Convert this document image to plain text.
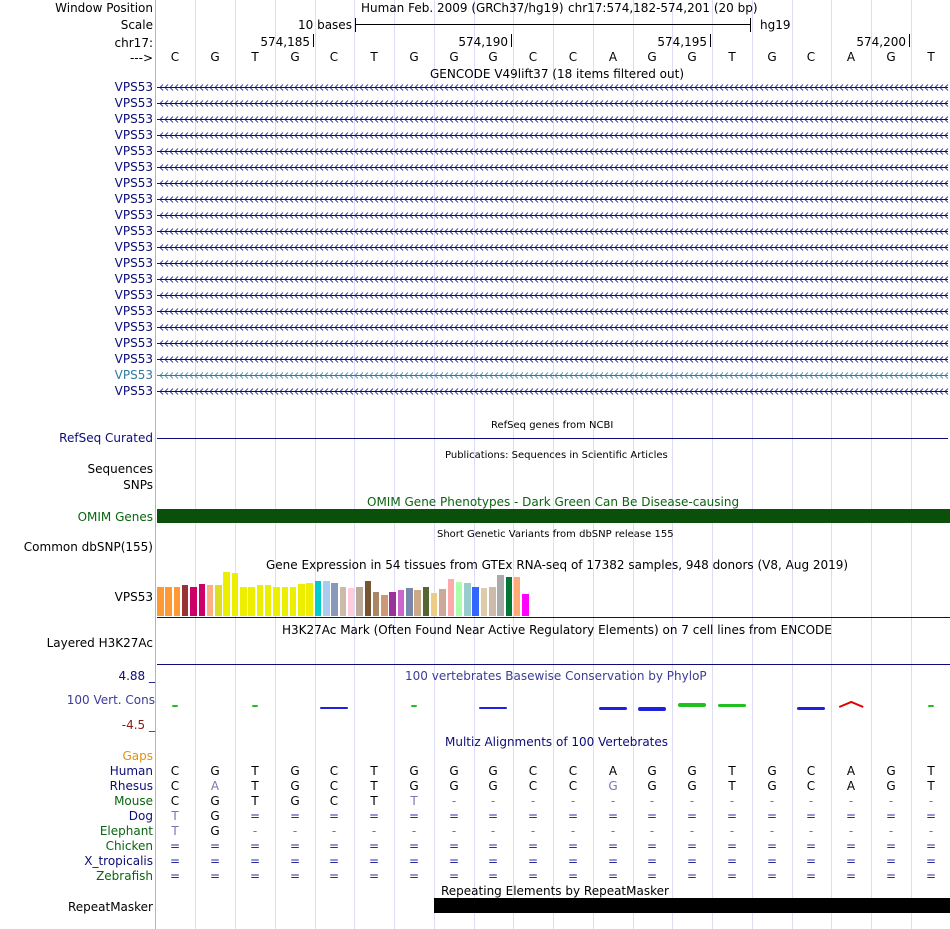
Window Position	Human Feb. 2009 (GRCh37/hg19) chr17:574,182-574,201 (20 bp)
Scale	10 bases	hg19
chr17:	574,185	574,190	574,195	574,200
--->	C	G	T	G	C	T	G	G	G	C	C	A	G	G	T	G	C	A	G	T
GENCODE V49lift37 (18 items filtered out)
VPS53
VPS53
VPS53
VPS53
VPS53
VPS53
VPS53
VPS53
VPS53
VPS53
VPS53
VPS53
VPS53
VPS53
VPS53
VPS53
VPS53
VPS53
VPS53
VPS53
RefSeq genes from NCBI
RefSeq Curated
Publications: Sequences in Scientific Articles
Sequences
SNPs
OMIM Gene Phenotypes - Dark Green Can Be Disease-causing
OMIM Genes
Short Genetic Variants from dbSNP release 155
Common dbSNP(155)
Gene Expression in 54 tissues from GTEx RNA-seq of 17382 samples, 948 donors (V8, Aug 2019)
VPS53
H3K27Ac Mark (Often Found Near Active Regulatory Elements) on 7 cell lines from ENCODE
Layered H3K27Ac
100 vertebrates Basewise Conservation by PhyloP
4.88 _
100 Vert. Cons
-4.5 _
Multiz Alignments of 100 Vertebrates
Gaps
Human	C	G	T	G	C	T	G	G	G	C	C	A	G	G	T	G	C	A	G	T
Rhesus	C	A	T	G	C	T	G	G	G	C	C	G	G	G	T	G	C	A	G	T
Mouse	C	G	T	G	C	T	T	-	-	-	-	-	-	-	-	-	-	-	-	-
Dog	T	G	=	=	=	=	=	=	=	=	=	=	=	=	=	=	=	=	=	=
Elephant	T	G	-	-	-	-	-	-	-	-	-	-	-	-	-	-	-	-	-	-
Chicken	=	=	=	=	=	=	=	=	=	=	=	=	=	=	=	=	=	=	=	=
X_tropicalis	=	=	=	=	=	=	=	=	=	=	=	=	=	=	=	=	=	=	=	=
Zebrafish	=	=	=	=	=	=	=	=	=	=	=	=	=	=	=	=	=	=	=	=
Repeating Elements by RepeatMasker
RepeatMasker
